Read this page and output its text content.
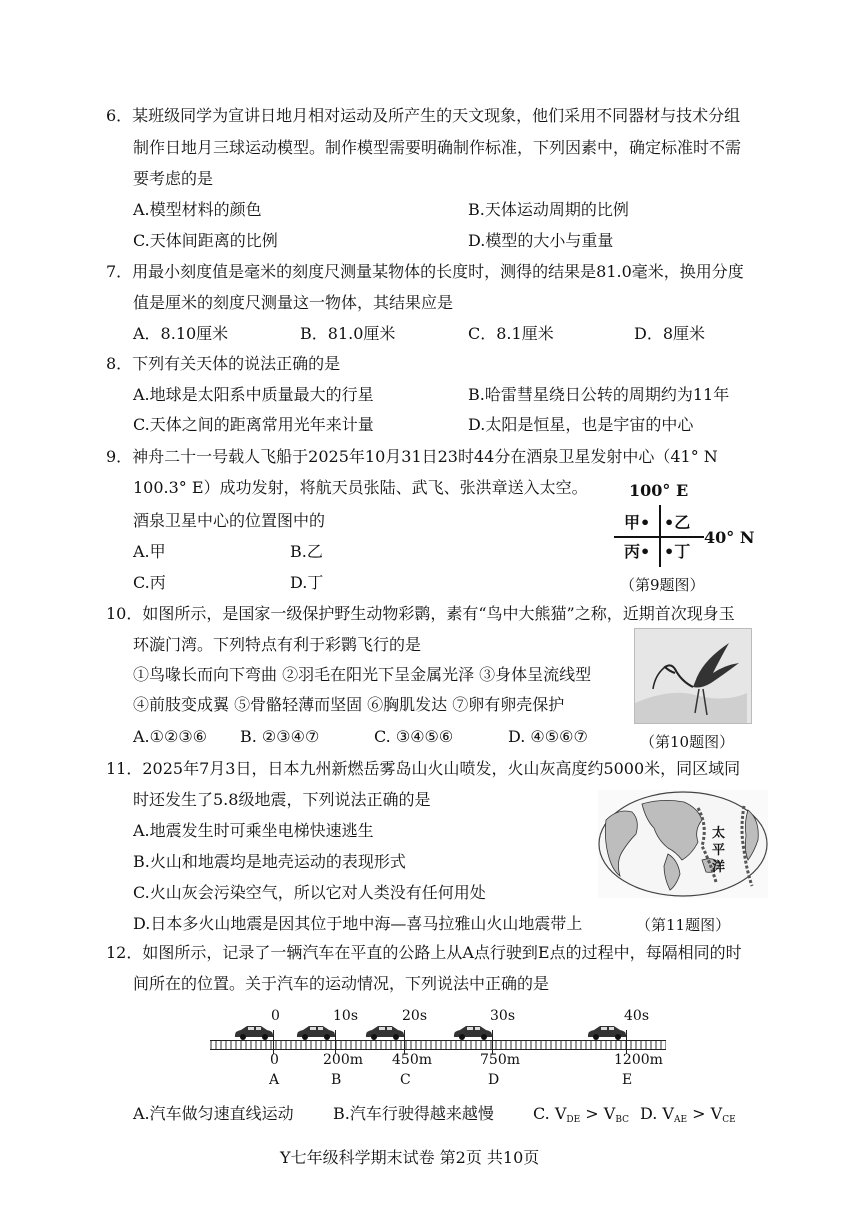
6．某班级同学为宣讲日地月相对运动及所产生的天文现象，他们采用不同器材与技术分组
制作日地月三球运动模型。制作模型需要明确制作标准，下列因素中，确定标准时不需
要考虑的是
A.模型材料的颜色	B.天体运动周期的比例
C.天体间距离的比例	D.模型的大小与重量
7．用最小刻度值是毫米的刻度尺测量某物体的长度时，测得的结果是81.0毫米，换用分度
值是厘米的刻度尺测量这一物体，其结果应是
A．8.10厘米	B．81.0厘米	C．8.1厘米	D．8厘米
8．下列有关天体的说法正确的是
A.地球是太阳系中质量最大的行星	B.哈雷彗星绕日公转的周期约为11年
C.天体之间的距离常用光年来计量	D.太阳是恒星，也是宇宙的中心
9．神舟二十一号载人飞船于2025年10月31日23时44分在酒泉卫星发射中心（41° N
100.3° E）成功发射，将航天员张陆、武飞、张洪章送入太空。
酒泉卫星中心的位置图中的
A.甲	B.乙
C.丙	D.丁
100° E
甲• •乙
40° N
丙• •丁
（第9题图）
10．如图所示，是国家一级保护野生动物彩鹮，素有“鸟中大熊猫”之称，近期首次现身玉
环漩门湾。下列特点有利于彩鹮飞行的是
①鸟喙长而向下弯曲 ②羽毛在阳光下呈金属光泽 ③身体呈流线型
④前肢变成翼 ⑤骨骼轻薄而坚固 ⑥胸肌发达 ⑦卵有卵壳保护
A.①②③⑥ B. ②③④⑦	C. ③④⑤⑥	D. ④⑤⑥⑦	（第10题图）
11．2025年7月3日，日本九州新燃岳雾岛山火山喷发，火山灰高度约5000米，同区域同
时还发生了5.8级地震，下列说法正确的是
A.地震发生时可乘坐电梯快速逃生
B.火山和地震均是地壳运动的表现形式
C.火山灰会污染空气，所以它对人类没有任何用处
D.日本多火山地震是因其位于地中海—喜马拉雅山火山地震带上
太
平
洋
（第11题图）
12．如图所示，记录了一辆汽车在平直的公路上从A点行驶到E点的过程中，每隔相同的时
间所在的位置。关于汽车的运动情况，下列说法中正确的是
0
0
A
10s
200m
B
20s
450m
C
30s
750m
D
40s
1200m
E
A.汽车做匀速直线运动 B.汽车行驶得越来越慢 C. $V_{DE} > V_{BC}$ D. $V_{AE} > V_{CE}$
Y七年级科学期末试卷 第2页 共10页
